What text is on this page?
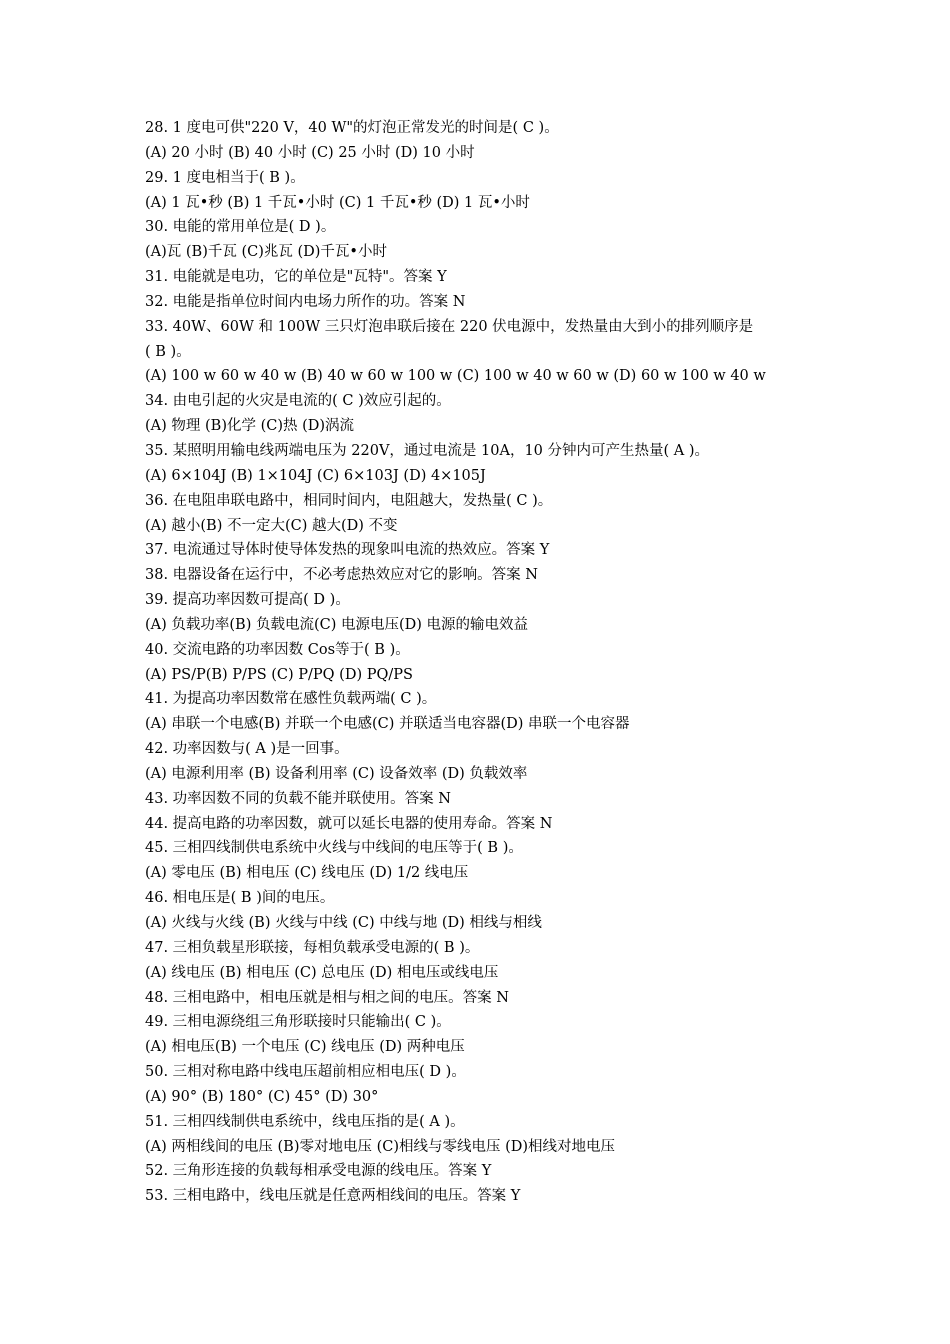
28. 1 度电可供"220 V，40 W"的灯泡正常发光的时间是( C )。
(A) 20 小时 (B) 40 小时 (C) 25 小时 (D) 10 小时
29. 1 度电相当于( B )。
(A) 1 瓦•秒 (B) 1 千瓦•小时 (C) 1 千瓦•秒 (D) 1 瓦•小时
30. 电能的常用单位是( D )。
(A)瓦 (B)千瓦 (C)兆瓦 (D)千瓦•小时
31. 电能就是电功，它的单位是"瓦特"。答案 Y
32. 电能是指单位时间内电场力所作的功。答案 N
33. 40W、60W 和 100W 三只灯泡串联后接在 220 伏电源中，发热量由大到小的排列顺序是
( B )。
(A) 100 w 60 w 40 w (B) 40 w 60 w 100 w (C) 100 w 40 w 60 w (D) 60 w 100 w 40 w
34. 由电引起的火灾是电流的( C )效应引起的。
(A) 物理 (B)化学 (C)热 (D)涡流
35. 某照明用输电线两端电压为 220V，通过电流是 10A，10 分钟内可产生热量( A )。
(A) 6×104J (B) 1×104J (C) 6×103J (D) 4×105J
36. 在电阻串联电路中，相同时间内，电阻越大，发热量( C )。
(A) 越小(B) 不一定大(C) 越大(D) 不变
37. 电流通过导体时使导体发热的现象叫电流的热效应。答案 Y
38. 电器设备在运行中，不必考虑热效应对它的影响。答案 N
39. 提高功率因数可提高( D )。
(A) 负载功率(B) 负载电流(C) 电源电压(D) 电源的输电效益
40. 交流电路的功率因数 Cos等于( B )。
(A) PS/P(B) P/PS (C) P/PQ (D) PQ/PS
41. 为提高功率因数常在感性负载两端( C )。
(A) 串联一个电感(B) 并联一个电感(C) 并联适当电容器(D) 串联一个电容器
42. 功率因数与( A )是一回事。
(A) 电源利用率 (B) 设备利用率 (C) 设备效率 (D) 负载效率
43. 功率因数不同的负载不能并联使用。答案 N
44. 提高电路的功率因数，就可以延长电器的使用寿命。答案 N
45. 三相四线制供电系统中火线与中线间的电压等于( B )。
(A) 零电压 (B) 相电压 (C) 线电压 (D) 1/2 线电压
46. 相电压是( B )间的电压。
(A) 火线与火线 (B) 火线与中线 (C) 中线与地 (D) 相线与相线
47. 三相负载星形联接，每相负载承受电源的( B )。
(A) 线电压 (B) 相电压 (C) 总电压 (D) 相电压或线电压
48. 三相电路中，相电压就是相与相之间的电压。答案 N
49. 三相电源绕组三角形联接时只能输出( C )。
(A) 相电压(B) 一个电压 (C) 线电压 (D) 两种电压
50. 三相对称电路中线电压超前相应相电压( D )。
(A) 90° (B) 180° (C) 45° (D) 30°
51. 三相四线制供电系统中，线电压指的是( A )。
(A) 两相线间的电压 (B)零对地电压 (C)相线与零线电压 (D)相线对地电压
52. 三角形连接的负载每相承受电源的线电压。答案 Y
53. 三相电路中，线电压就是任意两相线间的电压。答案 Y
